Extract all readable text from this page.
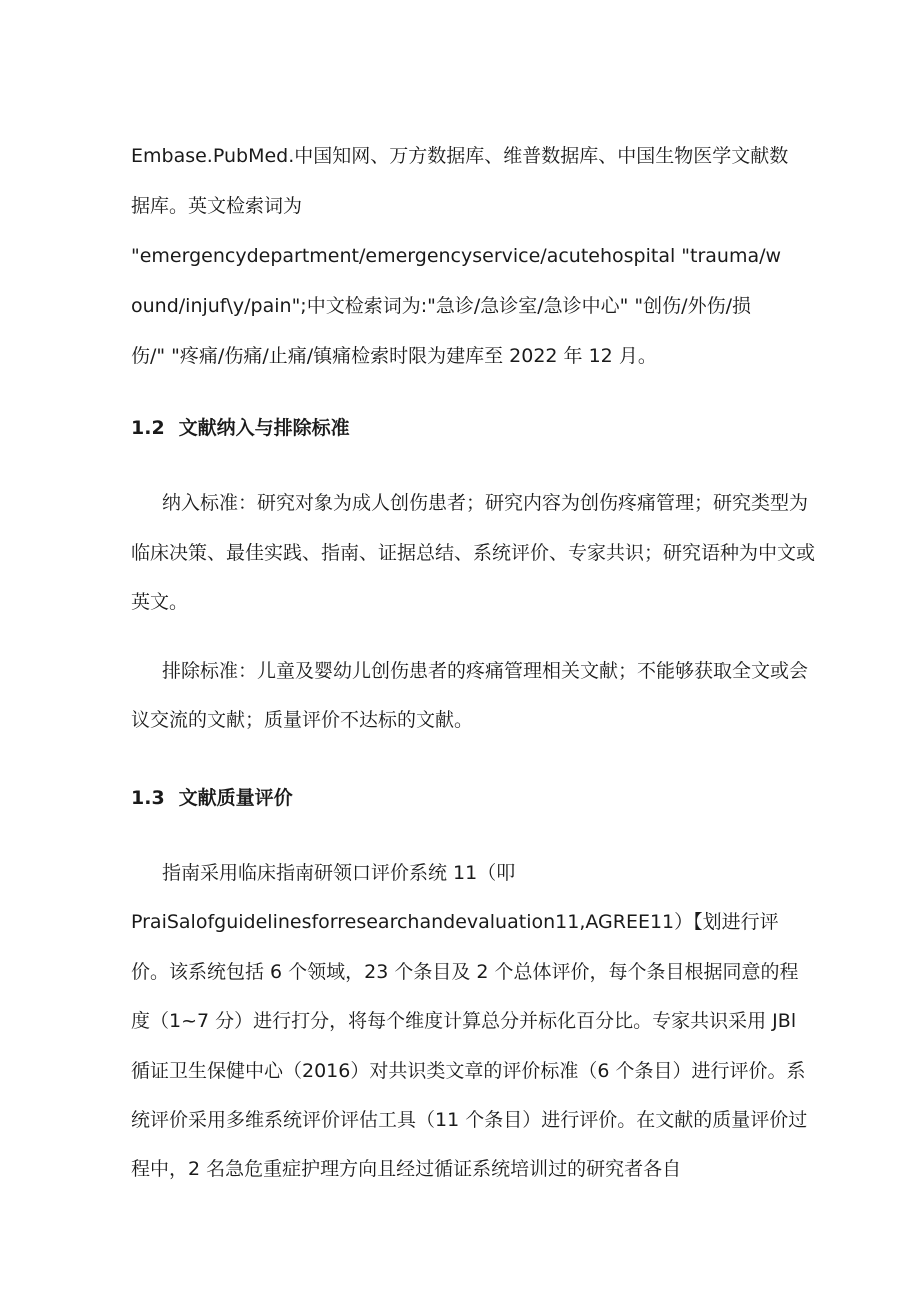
Embase.PubMed.中国知网、万方数据库、维普数据库、中国生物医学文献数
据库。英文检索词为
"emergencydepartment/emergencyservice/acutehospital "trauma/w
ound/injuf\y/pain";中文检索词为:"急诊/急诊室/急诊中心" "创伤/外伤/损
伤/" "疼痛/伤痛/止痛/镇痛检索时限为建库至 2022 年 12 月。
1.2 文献纳入与排除标准
纳入标准：研究对象为成人创伤患者；研究内容为创伤疼痛管理；研究类型为
临床决策、最佳实践、指南、证据总结、系统评价、专家共识；研究语种为中文或
英文。
排除标准：儿童及婴幼儿创伤患者的疼痛管理相关文献；不能够获取全文或会
议交流的文献；质量评价不达标的文献。
1.3 文献质量评价
指南采用临床指南研领口评价系统 11（叩
PraiSalofguidelinesforresearchandevaluation11,AGREE11）【划进行评
价。该系统包括 6 个领域，23 个条目及 2 个总体评价，每个条目根据同意的程
度（1~7 分）进行打分，将每个维度计算总分并标化百分比。专家共识采用 JBl
循证卫生保健中心（2016）对共识类文章的评价标准（6 个条目）进行评价。系
统评价采用多维系统评价评估工具（11 个条目）进行评价。在文献的质量评价过
程中，2 名急危重症护理方向且经过循证系统培训过的研究者各自
